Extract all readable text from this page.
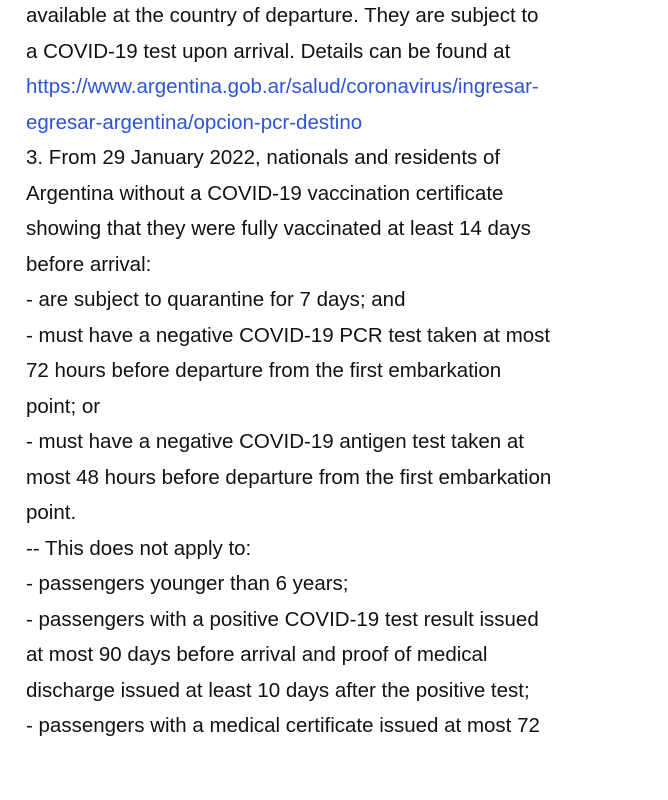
available at the country of departure. They are subject to
a COVID-19 test upon arrival. Details can be found at
https://www.argentina.gob.ar/salud/coronavirus/ingresar-
egresar-argentina/opcion-pcr-destino
3. From 29 January 2022, nationals and residents of
Argentina without a COVID-19 vaccination certificate
showing that they were fully vaccinated at least 14 days
before arrival:
- are subject to quarantine for 7 days; and
- must have a negative COVID-19 PCR test taken at most
72 hours before departure from the first embarkation
point; or
- must have a negative COVID-19 antigen test taken at
most 48 hours before departure from the first embarkation
point.
-- This does not apply to:
- passengers younger than 6 years;
- passengers with a positive COVID-19 test result issued
at most 90 days before arrival and proof of medical
discharge issued at least 10 days after the positive test;
- passengers with a medical certificate issued at most 72
